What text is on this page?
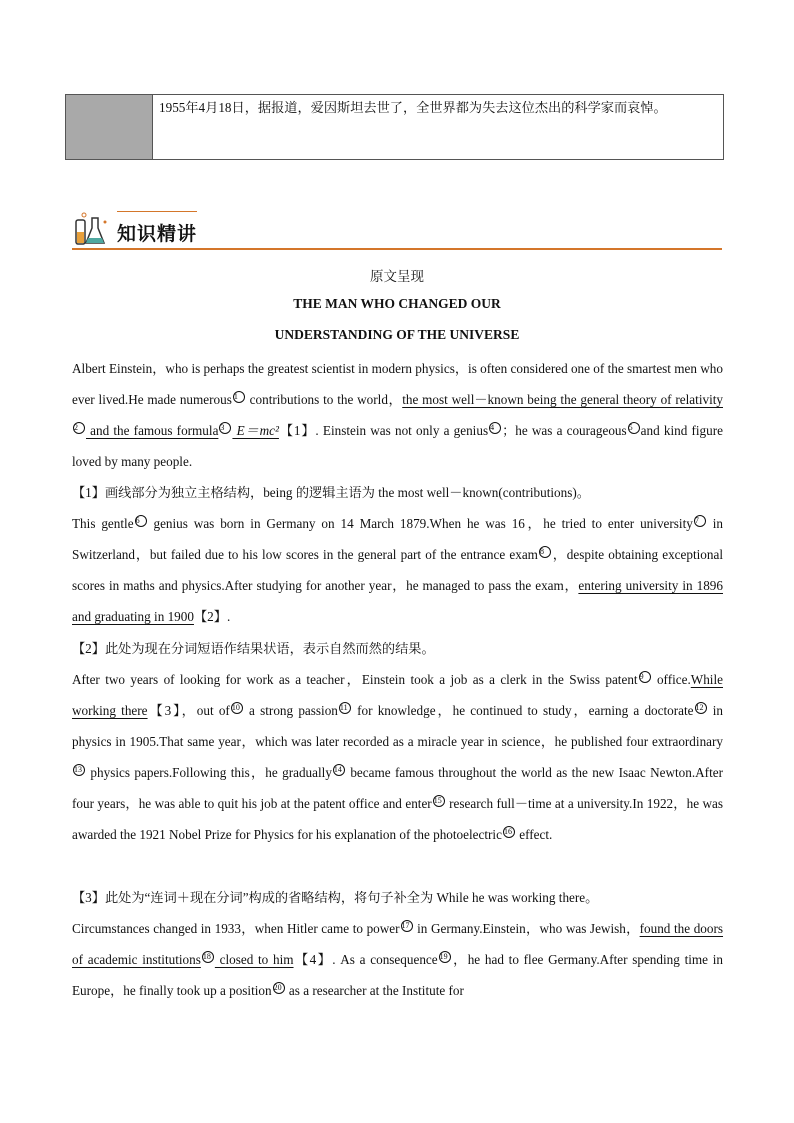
1955年4月18日，据报道，爱因斯坦去世了，全世界都为失去这位杰出的科学家而哀悼。
知识精讲
原文呈现
THE MAN WHO CHANGED OUR
UNDERSTANDING OF THE UNIVERSE

Albert Einstein，who is perhaps the greatest scientist in modern physics，is often considered one of the smartest men who ever lived.He made numerous 1 contributions to the world，the most well－known being the general theory of relativity2 and the famous formula 3 E＝mc²【1】. Einstein was not only a genius 4 ；he was a courageous 5 and kind figure loved by many people.

【1】画线部分为独立主格结构，being 的逻辑主语为 the most well－known(contributions)。

This gentle 6 genius was born in Germany on 14 March 1879.When he was 16，he tried to enter university 7 in Switzerland，but failed due to his low scores in the general part of the entrance exam 8 ，despite obtaining exceptional scores in maths and physics.After studying for another year，he managed to pass the exam，entering university in 1896 and graduating in 1900【2】.

【2】此处为现在分词短语作结果状语，表示自然而然的结果。

After two years of looking for work as a teacher，Einstein took a job as a clerk in the Swiss patent 9 office.While working there【3】，out of 10 a strong passion 11 for knowledge，he continued to study，earning a doctorate 12 in physics in 1905.That same year，which was later recorded as a miracle year in science，he published four extraordinary13 physics papers.Following this，he gradually 14 became famous throughout the world as the new Isaac Newton.After four years，he was able to quit his job at the patent office and enter 15 research full－time at a university.In 1922，he was awarded the 1921 Nobel Prize for Physics for his explanation of the photoelectric 16 effect.

【3】此处为“连词＋现在分词”构成的省略结构，将句子补全为 While he was working there。

Circumstances changed in 1933，when Hitler came to power 17 in Germany.Einstein，who was Jewish，found the doors of academic institutions 18 closed to him【4】. As a consequence 19 ，he had to flee Germany.After spending time in Europe，he finally took up a position 20 as a researcher at the Institute for
